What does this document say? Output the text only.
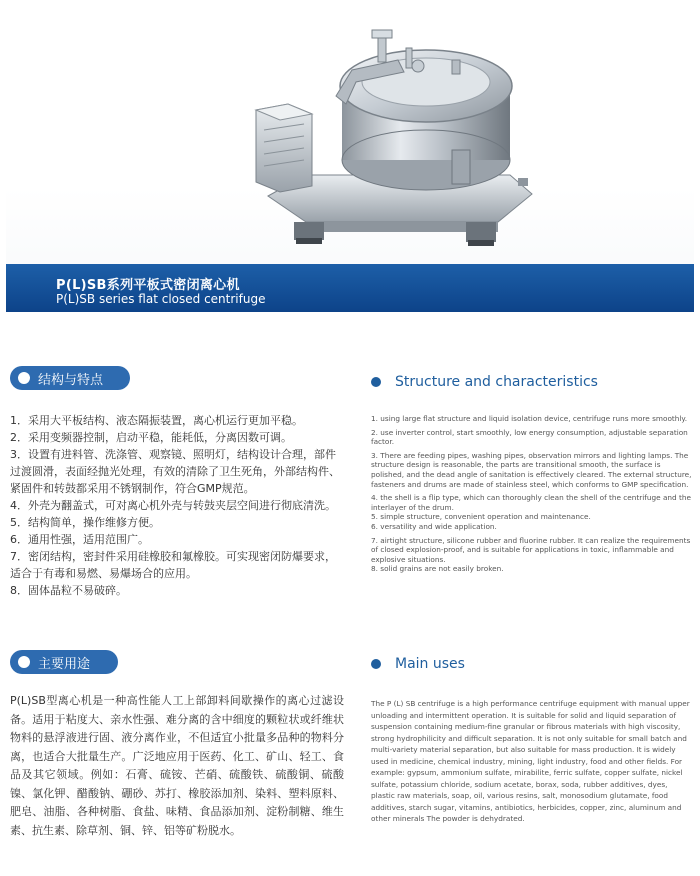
P(L)SB系列平板式密闭离心机
P(L)SB series flat closed centrifuge
结构与特点	Structure and characteristics
1．采用大平板结构、液态隔振装置，离心机运行更加平稳。
2．采用变频器控制，启动平稳，能耗低，分离因数可调。
3．设置有进料管、洗涤管、观察镜、照明灯，结构设计合理，部件过渡圆滑，表面经抛光处理，有效的清除了卫生死角，外部结构件、紧固件和转鼓都采用不锈钢制作，符合GMP规范。
4．外壳为翻盖式，可对离心机外壳与转鼓夹层空间进行彻底清洗。
5．结构简单，操作维修方便。
6．通用性强，适用范围广。
7．密闭结构，密封件采用硅橡胶和氟橡胶。可实现密闭防爆要求，适合于有毒和易燃、易爆场合的应用。
8．固体晶粒不易破碎。
1. using large flat structure and liquid isolation device, centrifuge runs more smoothly.
2. use inverter control, start smoothly, low energy consumption, adjustable separation factor.
3. There are feeding pipes, washing pipes, observation mirrors and lighting lamps. The structure design is reasonable, the parts are transitional smooth, the surface is polished, and the dead angle of sanitation is effectively cleared. The external structure, fasteners and drums are made of stainless steel, which conforms to GMP specification.
4. the shell is a flip type, which can thoroughly clean the shell of the centrifuge and the interlayer of the drum.
5. simple structure, convenient operation and maintenance.
6. versatility and wide application.
7. airtight structure, silicone rubber and fluorine rubber. It can realize the requirements of closed explosion-proof, and is suitable for applications in toxic, inflammable and explosive situations.
8. solid grains are not easily broken.
主要用途	Main uses

P(L)SB型离心机是一种高性能人工上部卸料间歇操作的离心过滤设备。适用于粘度大、亲水性强、难分离的含中细度的颗粒状或纤维状物料的悬浮液进行固、液分离作业，不但适宜小批量多品种的物料分离，也适合大批量生产。广泛地应用于医药、化工、矿山、轻工、食品及其它领域。例如：石膏、硫铵、芒硝、硫酸铁、硫酸铜、硫酸镍、氯化钾、醋酸钠、硼砂、苏打、橡胶添加剂、染料、塑料原料、肥皂、油脂、各种树脂、食盐、味精、食品添加剂、淀粉制糖、维生素、抗生素、除草剂、铜、锌、铝等矿粉脱水。

The P (L) SB centrifuge is a high performance centrifuge equipment with manual upper unloading and intermittent operation. It is suitable for solid and liquid separation of suspension containing medium-fine granular or fibrous materials with high viscosity, strong hydrophilicity and difficult separation. It is not only suitable for small batch and multi-variety material separation, but also suitable for mass production. It is widely used in medicine, chemical industry, mining, light industry, food and other fields. For example: gypsum, ammonium sulfate, mirabilite, ferric sulfate, copper sulfate, nickel sulfate, potassium chloride, sodium acetate, borax, soda, rubber additives, dyes, plastic raw materials, soap, oil, various resins, salt, monosodium glutamate, food additives, starch sugar, vitamins, antibiotics, herbicides, copper, zinc, aluminum and other minerals The powder is dehydrated.
